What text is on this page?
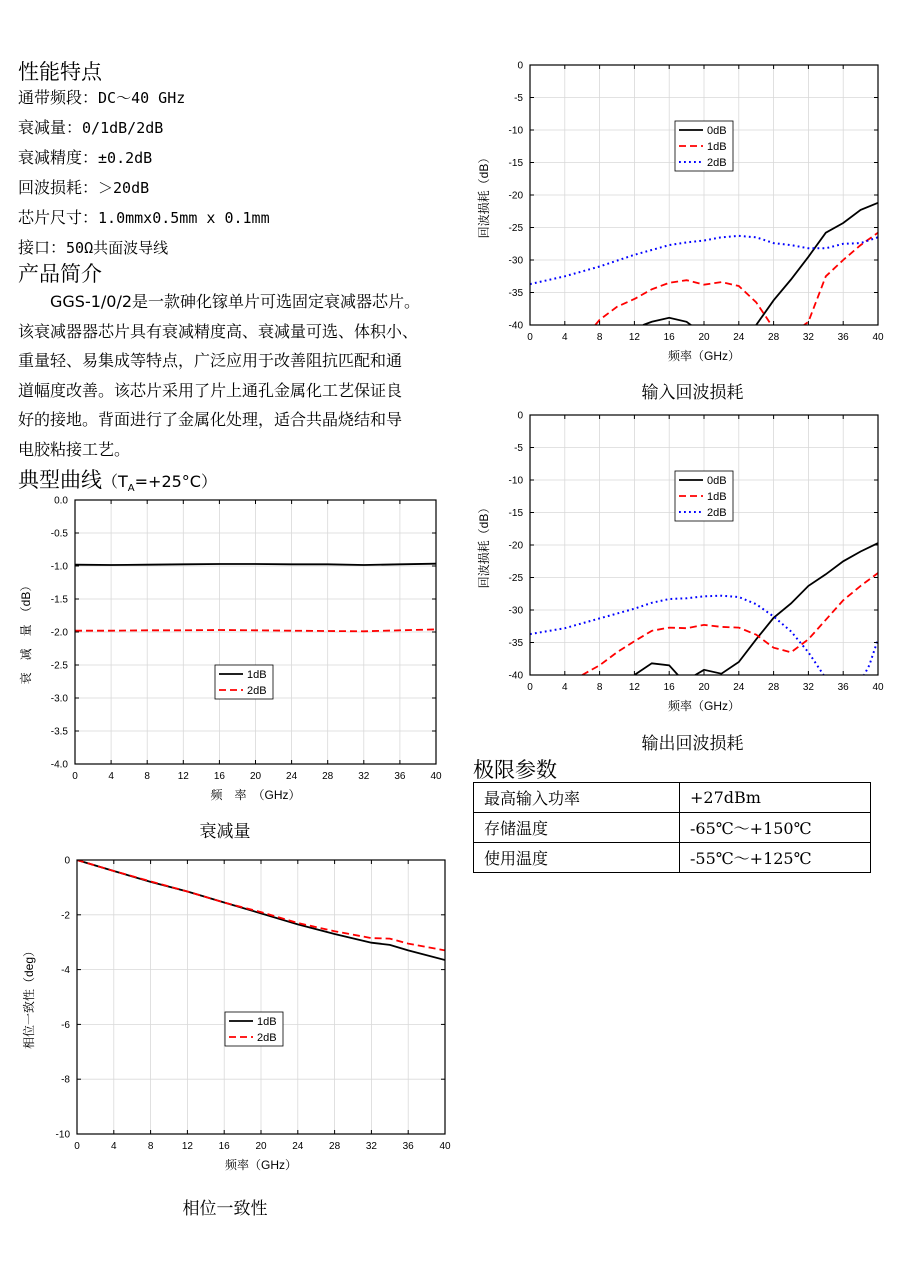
性能特点
通带频段：DC～40 GHz
衰减量：0/1dB/2dB
衰减精度：±0.2dB
回波损耗：＞20dB
芯片尺寸：1.0mmx0.5mm x 0.1mm
接口：50Ω共面波导线
产品简介

GGS-1/0/2是一款砷化镓单片可选固定衰减器芯片。

该衰减器器芯片具有衰减精度高、衰减量可选、体积小、

重量轻、易集成等特点，广泛应用于改善阻抗匹配和通

道幅度改善。该芯片采用了片上通孔金属化工艺保证良

好的接地。背面进行了金属化处理，适合共晶烧结和导

电胶粘接工艺。

典型曲线$(T_A=+25^\circ C)$
0	4	8	12 16 20 24 28 32 36 40
0
-5
-10
-15
-20
-25
-30
-35
-40
频率（GHz）
回波损耗（dB）
0dB
1dB
2dB
输入回波损耗
0	4	8	12 16 20 24 28 32 36 40
0
-5
-10
-15
-20
-25
-30
-35
-40
频率（GHz）
回波损耗（dB）
0dB
1dB
2dB
输出回波损耗
0	4	8	12 16 20 24 28 32 36 40
0.0
-0.5
-1.0
-1.5
-2.0
-2.5
-3.0
-3.5
-4.0
频　率　（GHz）
衰　减　量　（dB）	1dB
2dB
衰减量
0	4	8	12	16	20	24	28	32	36	40
0
-2
-4
-6
-8
-10
频率（GHz）
相位一致性（deg）	1dB
2dB
相位一致性
极限参数
最高输入功率	+27dBm
存储温度	-65℃～+150℃
使用温度	-55℃～+125℃
